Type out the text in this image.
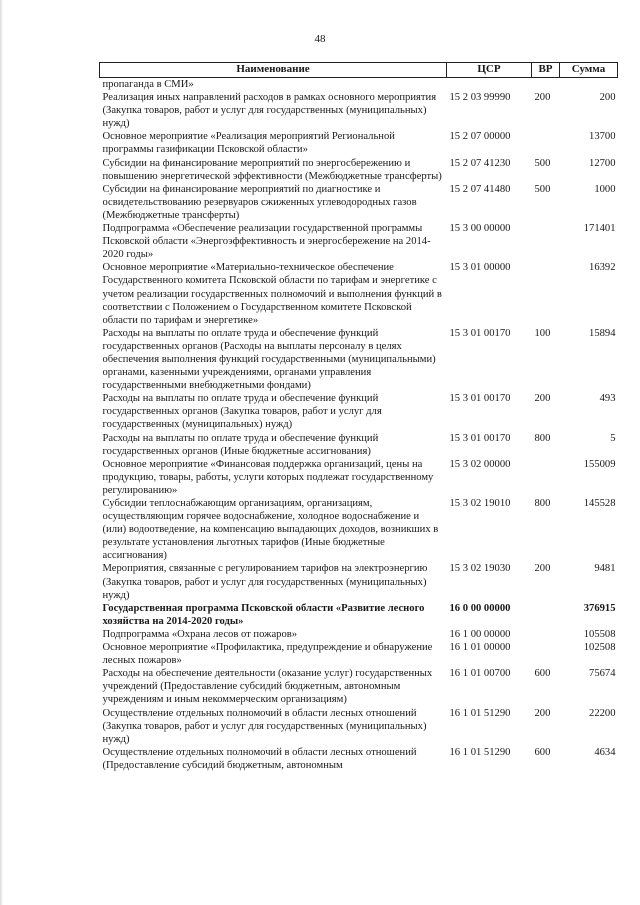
48
Наименование	ЦСР	ВР	Сумма
пропаганда в СМИ»			
Реализация иных направлений расходов в рамках основного мероприятия (Закупка товаров, работ и услуг для государственных (муниципальных) нужд)	15 2 03 99990	200	200
Основное мероприятие «Реализация мероприятий Региональной программы газификации Псковской области»	15 2 07 00000		13700
Субсидии на финансирование мероприятий по энергосбережению и повышению энергетической эффективности (Межбюджетные трансферты)	15 2 07 41230	500	12700
Субсидии на финансирование мероприятий по диагностике и освидетельствованию резервуаров сжиженных углеводородных газов (Межбюджетные трансферты)	15 2 07 41480	500	1000
Подпрограмма «Обеспечение реализации государственной программы Псковской области «Энергоэффективность и энергосбережение на 2014-2020 годы»	15 3 00 00000		171401
Основное мероприятие «Материально-техническое обеспечение Государственного комитета Псковской области по тарифам и энергетике с учетом реализации государственных полномочий и выполнения функций в соответствии с Положением о Государственном комитете Псковской области по тарифам и энергетике»	15 3 01 00000		16392
Расходы на выплаты по оплате труда и обеспечение функций государственных органов (Расходы на выплаты персоналу в целях обеспечения выполнения функций государственными (муниципальными) органами, казенными учреждениями, органами управления государственными внебюджетными фондами)	15 3 01 00170	100	15894
Расходы на выплаты по оплате труда и обеспечение функций государственных органов (Закупка товаров, работ и услуг для государственных (муниципальных) нужд)	15 3 01 00170	200	493
Расходы на выплаты по оплате труда и обеспечение функций государственных органов (Иные бюджетные ассигнования)	15 3 01 00170	800	5
Основное мероприятие «Финансовая поддержка организаций, цены на продукцию, товары, работы, услуги которых подлежат государственному регулированию»	15 3 02 00000		155009
Субсидии теплоснабжающим организациям, организациям, осуществляющим горячее водоснабжение, холодное водоснабжение и (или) водоотведение, на компенсацию выпадающих доходов, возникших в результате установления льготных тарифов (Иные бюджетные ассигнования)	15 3 02 19010	800	145528
Мероприятия, связанные с регулированием тарифов на электроэнергию (Закупка товаров, работ и услуг для государственных (муниципальных) нужд)	15 3 02 19030	200	9481
Государственная программа Псковской области «Развитие лесного хозяйства на 2014-2020 годы»	16 0 00 00000		376915
Подпрограмма «Охрана лесов от пожаров»	16 1 00 00000		105508
Основное мероприятие «Профилактика, предупреждение и обнаружение лесных пожаров»	16 1 01 00000		102508
Расходы на обеспечение деятельности (оказание услуг) государственных учреждений (Предоставление субсидий бюджетным, автономным учреждениям и иным некоммерческим организациям)	16 1 01 00700	600	75674
Осуществление отдельных полномочий в области лесных отношений (Закупка товаров, работ и услуг для государственных (муниципальных) нужд)	16 1 01 51290	200	22200
Осуществление отдельных полномочий в области лесных отношений (Предоставление субсидий бюджетным, автономным	16 1 01 51290	600	4634
